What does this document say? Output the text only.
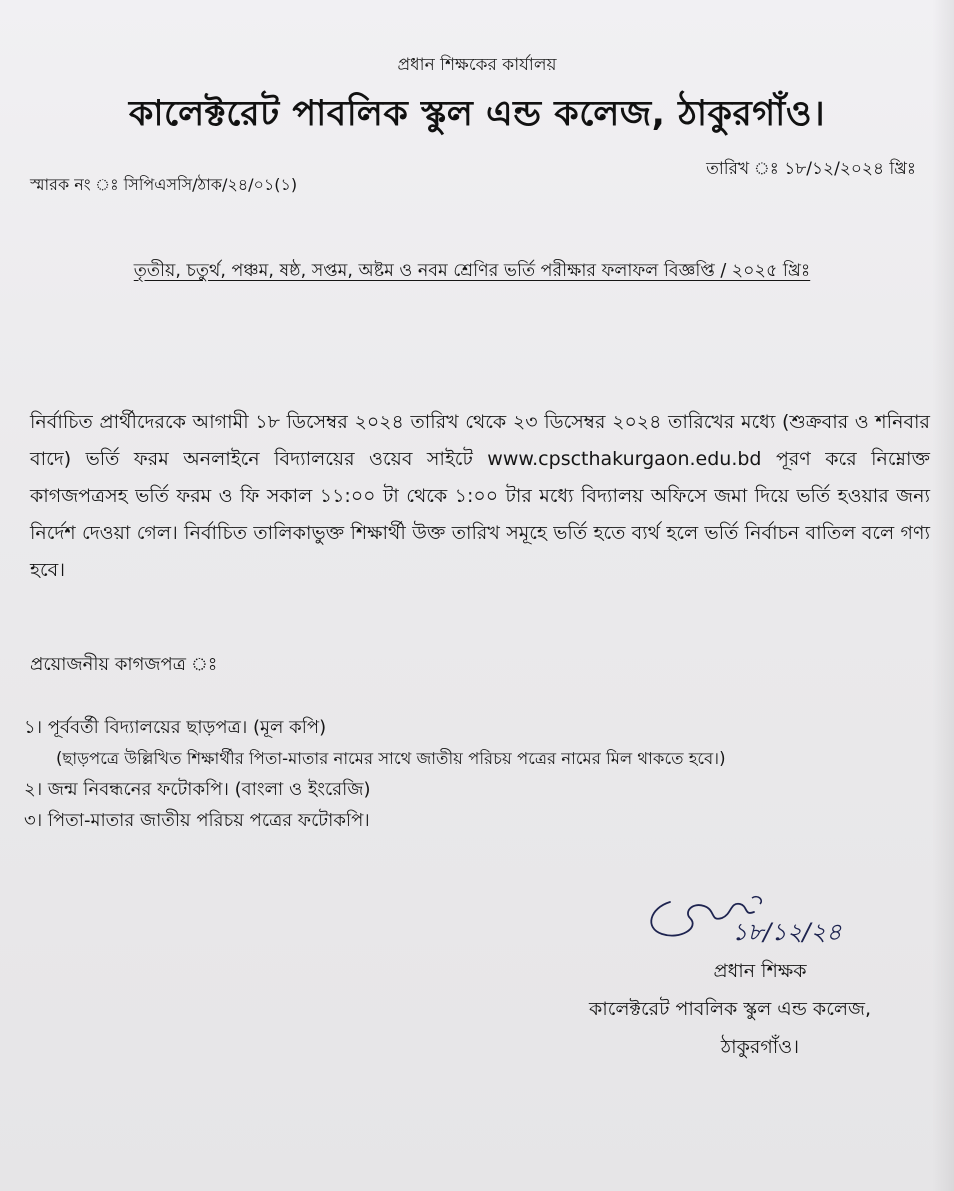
প্রধান শিক্ষকের কার্যালয়
কালেক্টরেট পাবলিক স্কুল এন্ড কলেজ, ঠাকুরগাঁও।
স্মারক নং ঃ সিপিএসসি/ঠাক/২৪/০১(১)
তারিখ ঃ ১৮/১২/২০২৪ খ্রিঃ
তৃতীয়, চতুর্থ, পঞ্চম, ষষ্ঠ, সপ্তম, অষ্টম ও নবম শ্রেণির ভর্তি পরীক্ষার ফলাফল বিজ্ঞপ্তি / ২০২৫ খ্রিঃ
নির্বাচিত প্রার্থীদেরকে আগামী ১৮ ডিসেম্বর ২০২৪ তারিখ থেকে ২৩ ডিসেম্বর ২০২৪ তারিখের মধ্যে (শুক্রবার ও শনিবার বাদে) ভর্তি ফরম অনলাইনে বিদ্যালয়ের ওয়েব সাইটে www.cpscthakurgaon.edu.bd পূরণ করে নিম্নোক্ত কাগজপত্রসহ ভর্তি ফরম ও ফি সকাল ১১:০০ টা থেকে ১:০০ টার মধ্যে বিদ্যালয় অফিসে জমা দিয়ে ভর্তি হওয়ার জন্য নির্দেশ দেওয়া গেল। নির্বাচিত তালিকাভুক্ত শিক্ষার্থী উক্ত তারিখ সমূহে ভর্তি হতে ব্যর্থ হলে ভর্তি নির্বাচন বাতিল বলে গণ্য হবে।
প্রয়োজনীয় কাগজপত্র ঃ
১। পূর্ববর্তী বিদ্যালয়ের ছাড়পত্র। (মূল কপি)
(ছাড়পত্রে উল্লিখিত শিক্ষার্থীর পিতা-মাতার নামের সাথে জাতীয় পরিচয় পত্রের নামের মিল থাকতে হবে।)
২। জন্ম নিবন্ধনের ফটোকপি। (বাংলা ও ইংরেজি)
৩। পিতা-মাতার জাতীয় পরিচয় পত্রের ফটোকপি।
১৮/১২/২৪
প্রধান শিক্ষক
কালেক্টরেট পাবলিক স্কুল এন্ড কলেজ,
ঠাকুরগাঁও।
